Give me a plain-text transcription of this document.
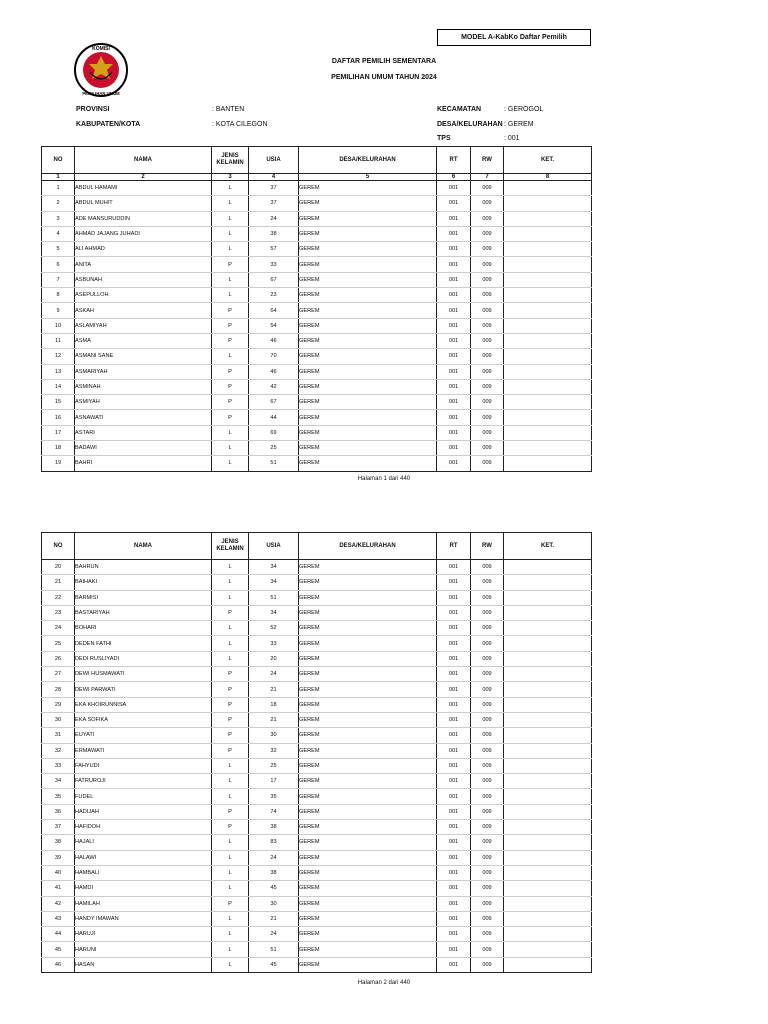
MODEL A-KabKo Daftar Pemilih
KOMISI
PEMILIHAN UMUM
DAFTAR PEMILIH SEMENTARA
PEMILIHAN UMUM TAHUN 2024
PROVINSI	: BANTEN
KABUPATEN/KOTA	: KOTA CILEGON
KECAMATAN	: GEROGOL
DESA/KELURAHAN : GEREM
TPS	: 001
NO	NAMA	JENIS KELAMIN	USIA	DESA/KELURAHAN	RT	RW	KET.
1	2	3	4	5	6	7	8
1	ABDUL HAMAMI	L	37	GEREM	001	009	
2	ABDUL MUHIT	L	37	GEREM	001	009	
3	ADE MANSURUDDIN	L	24	GEREM	001	009	
4	AHMAD JAJANG JUHADI	L	38	GEREM	001	009	
5	ALI AHMAD	L	57	GEREM	001	009	
6	ANITA	P	33	GEREM	001	009	
7	ASBUNAH	L	67	GEREM	001	009	
8	ASEPULLOH	L	23	GEREM	001	009	
9	ASKAH	P	64	GEREM	001	009	
10	ASLAMIYAH	P	54	GEREM	001	009	
11	ASMA	P	46	GEREM	001	009	
12	ASMANI SANE	L	70	GEREM	001	009	
13	ASMARIYAH	P	46	GEREM	001	009	
14	ASMINAH	P	42	GEREM	001	009	
15	ASMIYAH	P	67	GEREM	001	009	
16	ASNAWATI	P	44	GEREM	001	009	
17	ASTARI	L	69	GEREM	001	009	
18	BADAWI	L	25	GEREM	001	009	
19	BAHRI	L	51	GEREM	001	009	
Halaman 1 dari 440
NO	NAMA	JENIS KELAMIN	USIA	DESA/KELURAHAN	RT	RW	KET.
20	BAHRUN	L	34	GEREM	001	009	
21	BAIHAKI	L	34	GEREM	001	009	
22	BARMISI	L	51	GEREM	001	009	
23	BASTARIYAH	P	34	GEREM	001	009	
24	BOHARI	L	52	GEREM	001	009	
25	DEDEN FATHI	L	33	GEREM	001	009	
26	DEDI RUSLIYADI	L	20	GEREM	001	009	
27	DEWI HUSMAWATI	P	24	GEREM	001	009	
28	DEWI PARWATI	P	21	GEREM	001	009	
29	EKA KHOIRUNNISA	P	18	GEREM	001	009	
30	EKA SOFIKA	P	21	GEREM	001	009	
31	EUYATI	P	30	GEREM	001	009	
32	ERMAWATI	P	32	GEREM	001	009	
33	FAHYUDI	L	25	GEREM	001	009	
34	FATRUROJI	L	17	GEREM	001	009	
35	FUDEL	L	35	GEREM	001	009	
36	HADIJAH	P	74	GEREM	001	009	
37	HAFIDOH	P	38	GEREM	001	009	
38	HAJALI	L	83	GEREM	001	009	
39	HALAWI	L	24	GEREM	001	009	
40	HAMBALI	L	38	GEREM	001	009	
41	HAMDI	L	45	GEREM	001	009	
42	HAMILAH	P	30	GEREM	001	009	
43	HANDY IMAWAN	L	21	GEREM	001	009	
44	HARUJI	L	24	GEREM	001	009	
45	HARUNI	L	51	GEREM	001	009	
46	HASAN	L	45	GEREM	001	009	
Halaman 2 dari 440
